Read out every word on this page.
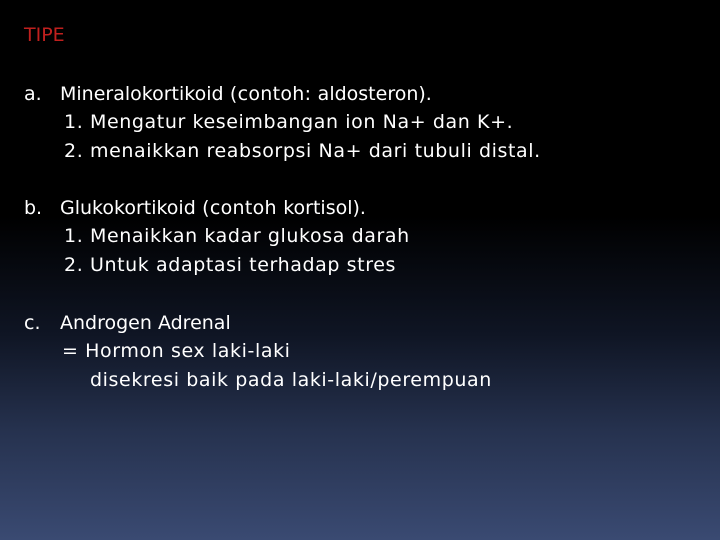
TIPE
a. Mineralokortikoid (contoh: aldosteron).
1. Mengatur keseimbangan ion Na+ dan K+.
2. menaikkan reabsorpsi Na+ dari tubuli distal.
b. Glukokortikoid (contoh kortisol).
1. Menaikkan kadar glukosa darah
2. Untuk adaptasi terhadap stres
c. Androgen Adrenal
= Hormon sex laki-laki
disekresi baik pada laki-laki/perempuan
